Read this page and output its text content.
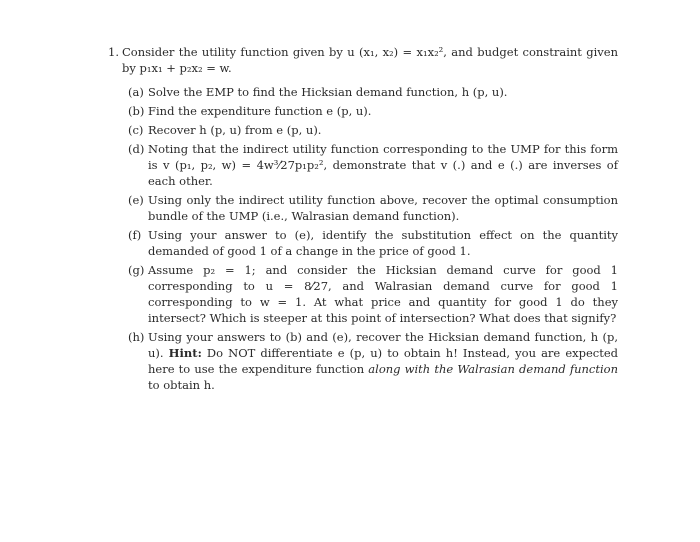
1. Consider the utility function given by u (x₁, x₂) = x₁x₂², and budget constraint given by p₁x₁ + p₂x₂ = w.
(a) Solve the EMP to find the Hicksian demand function, h (p, u).
(b) Find the expenditure function e (p, u).
(c) Recover h (p, u) from e (p, u).
(d) Noting that the indirect utility function corresponding to the UMP for this form is v (p₁, p₂, w) = 4w³⁄27p₁p₂², demonstrate that v (.) and e (.) are inverses of each other.
(e) Using only the indirect utility function above, recover the optimal consumption bundle of the UMP (i.e., Walrasian demand function).
(f) Using your answer to (e), identify the substitution effect on the quantity demanded of good 1 of a change in the price of good 1.
(g) Assume p₂ = 1; and consider the Hicksian demand curve for good 1 corresponding to u = 8⁄27, and Walrasian demand curve for good 1 corresponding to w = 1. At what price and quantity for good 1 do they intersect? Which is steeper at this point of intersection? What does that signify?
(h) Using your answers to (b) and (e), recover the Hicksian demand function, h (p, u). Hint: Do NOT differentiate e (p, u) to obtain h! Instead, you are expected here to use the expenditure function along with the Walrasian demand function to obtain h.
